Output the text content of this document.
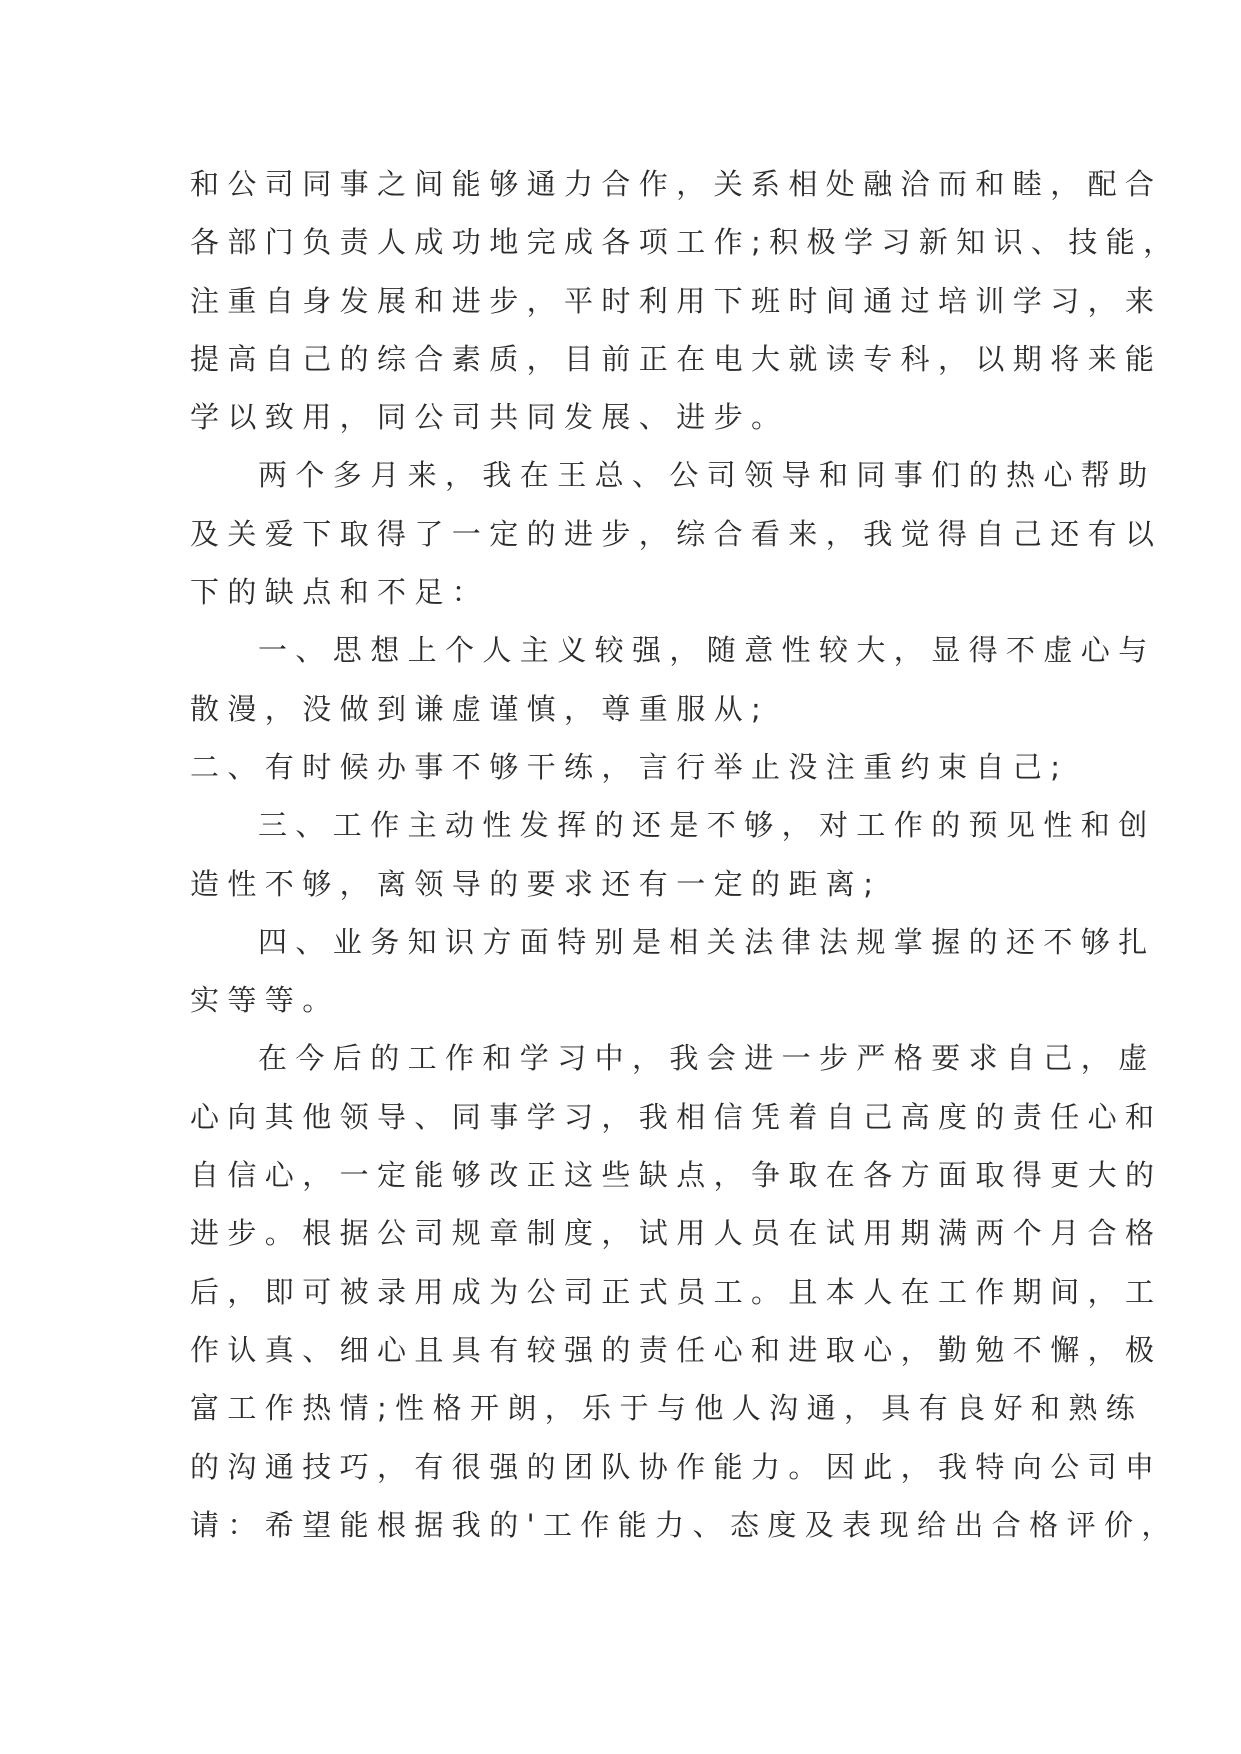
和公司同事之间能够通力合作，关系相处融洽而和睦，配合
各部门负责人成功地完成各项工作;积极学习新知识、技能，
注重自身发展和进步，平时利用下班时间通过培训学习，来
提高自己的综合素质，目前正在电大就读专科，以期将来能
学以致用，同公司共同发展、进步。
两个多月来，我在王总、公司领导和同事们的热心帮助
及关爱下取得了一定的进步，综合看来，我觉得自己还有以
下的缺点和不足：
一、思想上个人主义较强，随意性较大，显得不虚心与
散漫，没做到谦虚谨慎，尊重服从;
二、有时候办事不够干练，言行举止没注重约束自己;
三、工作主动性发挥的还是不够，对工作的预见性和创
造性不够，离领导的要求还有一定的距离;
四、业务知识方面特别是相关法律法规掌握的还不够扎
实等等。
在今后的工作和学习中，我会进一步严格要求自己，虚
心向其他领导、同事学习，我相信凭着自己高度的责任心和
自信心，一定能够改正这些缺点，争取在各方面取得更大的
进步。根据公司规章制度，试用人员在试用期满两个月合格
后，即可被录用成为公司正式员工。且本人在工作期间，工
作认真、细心且具有较强的责任心和进取心，勤勉不懈，极
富工作热情;性格开朗，乐于与他人沟通，具有良好和熟练
的沟通技巧，有很强的团队协作能力。因此，我特向公司申
请：希望能根据我的'工作能力、态度及表现给出合格评价，
